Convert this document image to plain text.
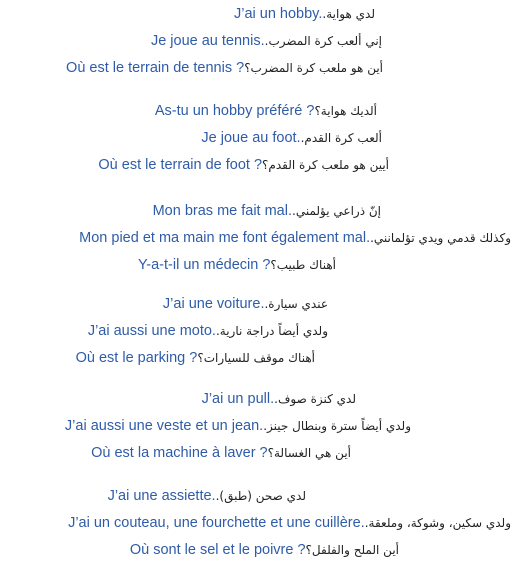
J’ai un hobby. لدي هواية.
Je joue au tennis. إني ألعب كرة المضرب.
Où est le terrain de tennis ? أين هو ملعب كرة المضرب؟
As-tu un hobby préféré ? ألديك هواية؟
Je joue au foot. ألعب كرة القدم.
Où est le terrain de foot ? أيين هو ملعب كرة القدم؟
Mon bras me fait mal. إنّ ذراعي يؤلمني.
Mon pied et ma main me font également mal. وكذلك قدمي ويدي تؤلمانني.
Y-a-t-il un médecin ? أهناك طبيب؟
J’ai une voiture. عندي سيارة.
J’ai aussi une moto. ولدي أيضاً دراجة نارية.
Où est le parking ? أهناك موقف للسيارات؟
J’ai un pull. لدي كنزة صوف.
J’ai aussi une veste et un jean. ولدي أيضاً سترة وبنطال جينز.
Où est la machine à laver ? أين هي الغسالة؟
J’ai une assiette. لدي صحن (طبق).
J’ai un couteau, une fourchette et une cuillère. ولدي سكين، وشوكة، وملعقة.
Où sont le sel et le poivre ? أين الملح والفلفل؟
